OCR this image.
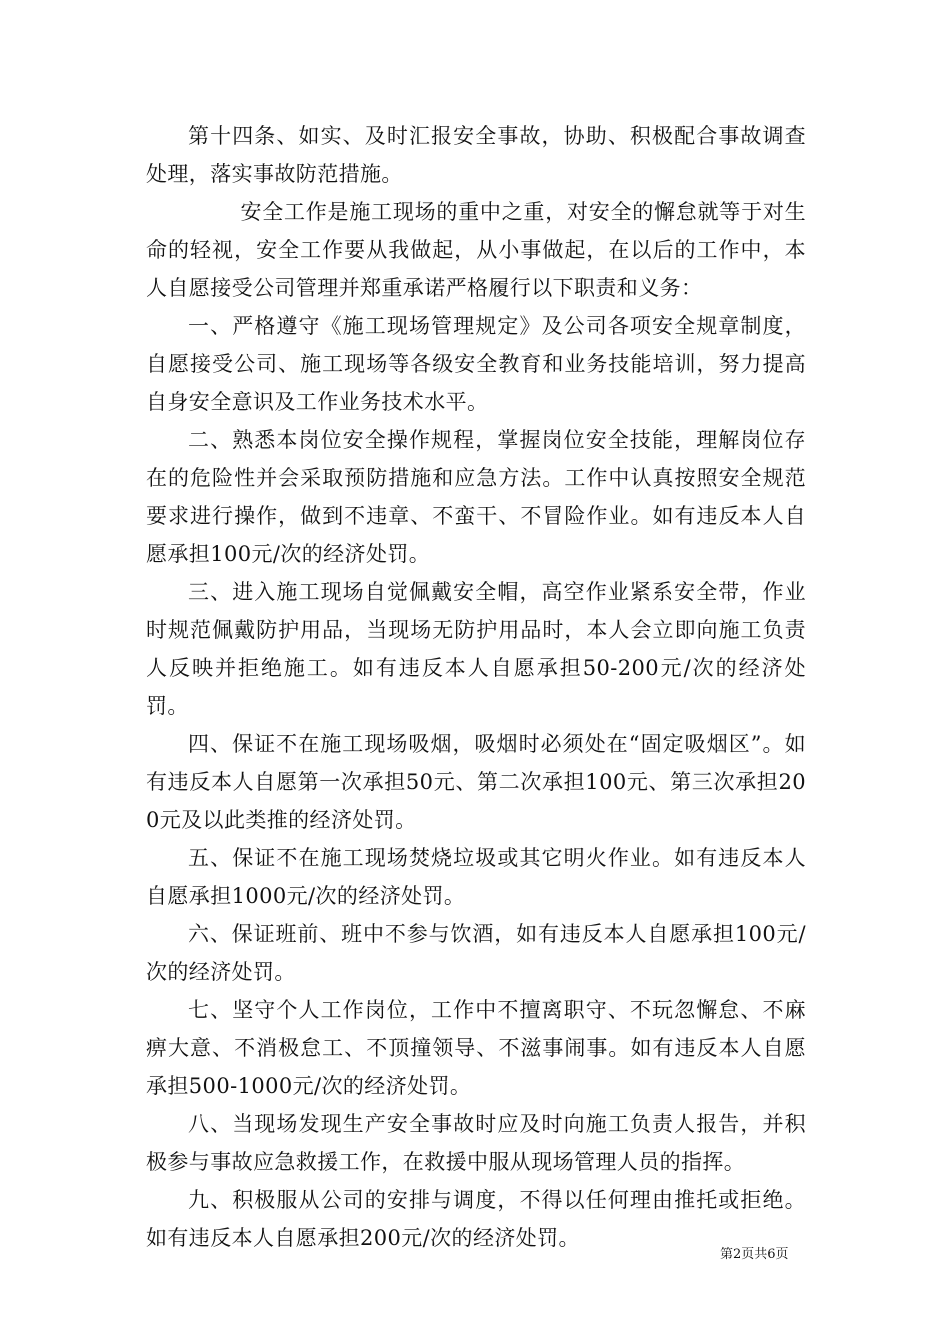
第十四条、如实、及时汇报安全事故，协助、积极配合事故调查处理，落实事故防范措施。

安全工作是施工现场的重中之重，对安全的懈怠就等于对生命的轻视，安全工作要从我做起，从小事做起，在以后的工作中，本人自愿接受公司管理并郑重承诺严格履行以下职责和义务：

一、严格遵守《施工现场管理规定》及公司各项安全规章制度，自愿接受公司、施工现场等各级安全教育和业务技能培训，努力提高自身安全意识及工作业务技术水平。

二、熟悉本岗位安全操作规程，掌握岗位安全技能，理解岗位存在的危险性并会采取预防措施和应急方法。工作中认真按照安全规范要求进行操作，做到不违章、不蛮干、不冒险作业。如有违反本人自愿承担100元/次的经济处罚。

三、进入施工现场自觉佩戴安全帽，高空作业紧系安全带，作业时规范佩戴防护用品，当现场无防护用品时，本人会立即向施工负责人反映并拒绝施工。如有违反本人自愿承担50-200元/次的经济处罚。

四、保证不在施工现场吸烟，吸烟时必须处在“固定吸烟区”。如有违反本人自愿第一次承担50元、第二次承担100元、第三次承担200元及以此类推的经济处罚。

五、保证不在施工现场焚烧垃圾或其它明火作业。如有违反本人自愿承担1000元/次的经济处罚。

六、保证班前、班中不参与饮酒，如有违反本人自愿承担100元/次的经济处罚。

七、坚守个人工作岗位，工作中不擅离职守、不玩忽懈怠、不麻痹大意、不消极怠工、不顶撞领导、不滋事闹事。如有违反本人自愿承担500-1000元/次的经济处罚。

八、当现场发现生产安全事故时应及时向施工负责人报告，并积极参与事故应急救援工作，在救援中服从现场管理人员的指挥。

九、积极服从公司的安排与调度，不得以任何理由推托或拒绝。如有违反本人自愿承担200元/次的经济处罚。

第2页共6页
